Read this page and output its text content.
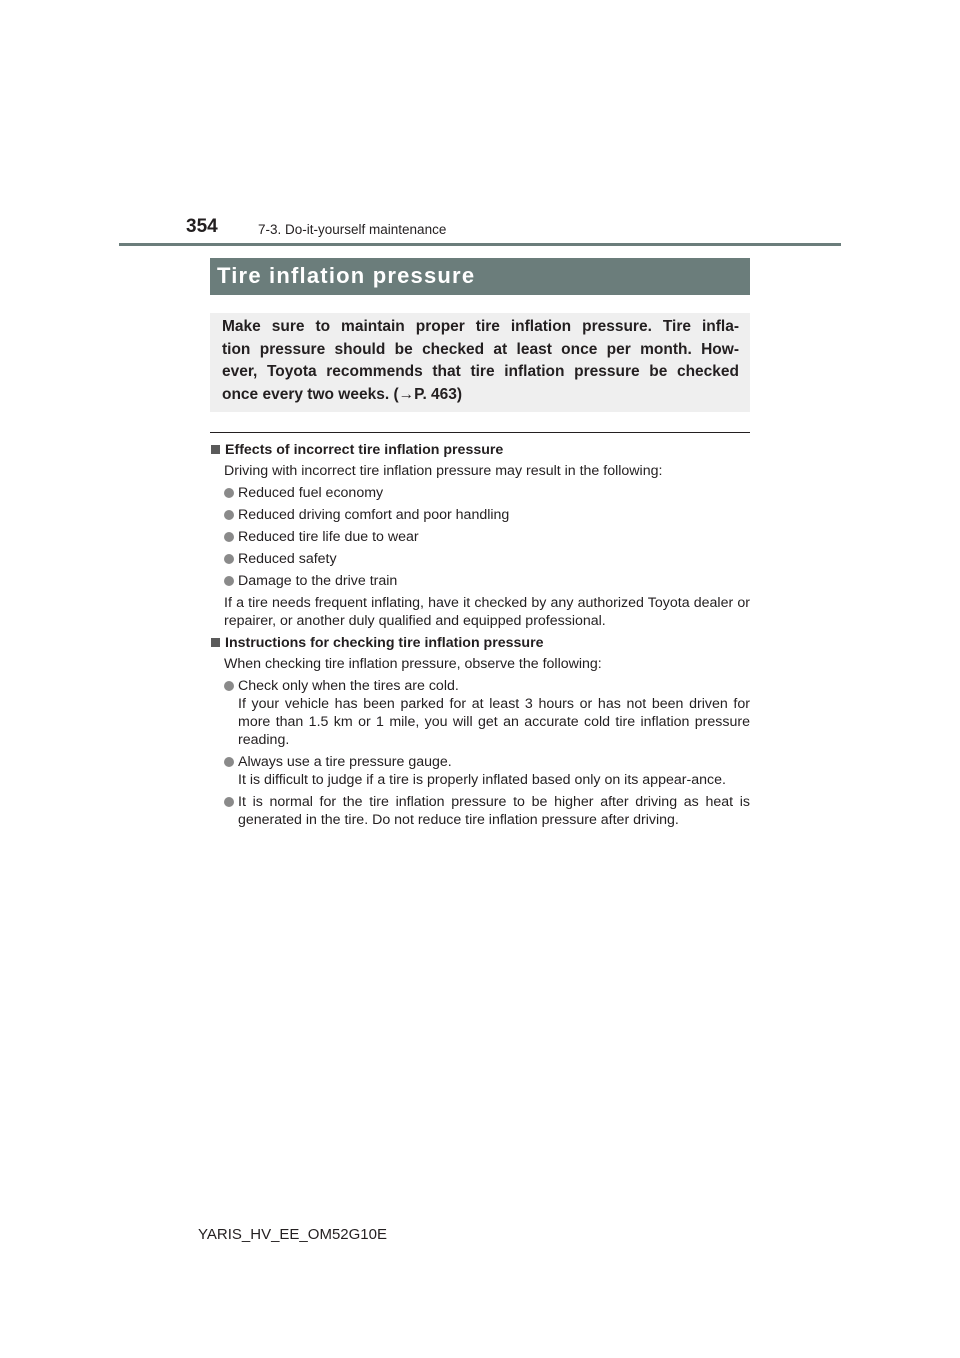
354	7-3. Do-it-yourself maintenance
Tire inflation pressure
Make sure to maintain proper tire inflation pressure. Tire infla-
tion pressure should be checked at least once per month. How-
ever, Toyota recommends that tire inflation pressure be checked
once every two weeks. (→P. 463)
Effects of incorrect tire inflation pressure
Driving with incorrect tire inflation pressure may result in the following:
Reduced fuel economy
Reduced driving comfort and poor handling
Reduced tire life due to wear
Reduced safety
Damage to the drive train
If a tire needs frequent inflating, have it checked by any authorized Toyota dealer or repairer, or another duly qualified and equipped professional.
Instructions for checking tire inflation pressure
When checking tire inflation pressure, observe the following:
Check only when the tires are cold.
If your vehicle has been parked for at least 3 hours or has not been driven for more than 1.5 km or 1 mile, you will get an accurate cold tire inflation pressure reading.
Always use a tire pressure gauge.
It is difficult to judge if a tire is properly inflated based only on its appear-ance.
It is normal for the tire inflation pressure to be higher after driving as heat is generated in the tire. Do not reduce tire inflation pressure after driving.
YARIS_HV_EE_OM52G10E
